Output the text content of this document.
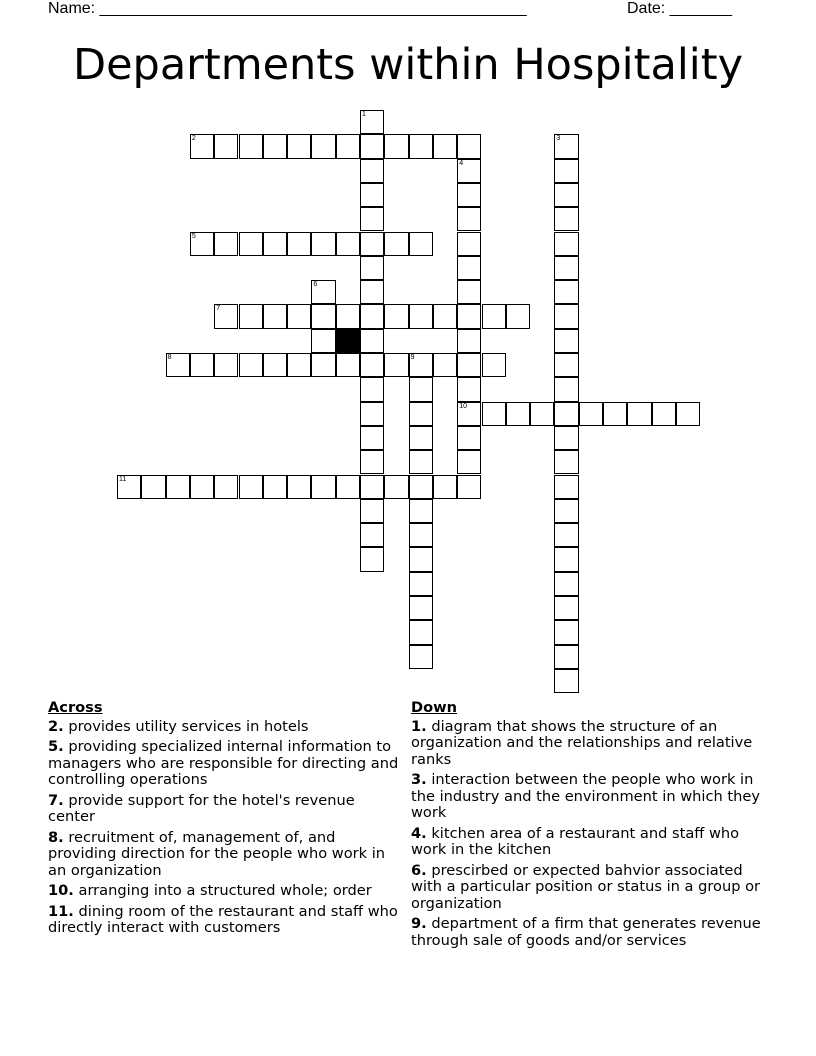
Name: ________________________________________________	Date: _______
Departments within Hospitality
1
2	3
4
10
5
6
7
8	9
11
Across
2. provides utility services in hotels
5. providing specialized internal information to managers who are responsible for directing and controlling operations
7. provide support for the hotel's revenue center
8. recruitment of, management of, and providing direction for the people who work in an organization
10. arranging into a structured whole; order
11. dining room of the restaurant and staff who directly interact with customers
Down
1. diagram that shows the structure of an organization and the relationships and relative ranks
3. interaction between the people who work in the industry and the environment in which they work
4. kitchen area of a restaurant and staff who work in the kitchen
6. prescirbed or expected bahvior associated with a particular position or status in a group or organization
9. department of a firm that generates revenue through sale of goods and/or services
